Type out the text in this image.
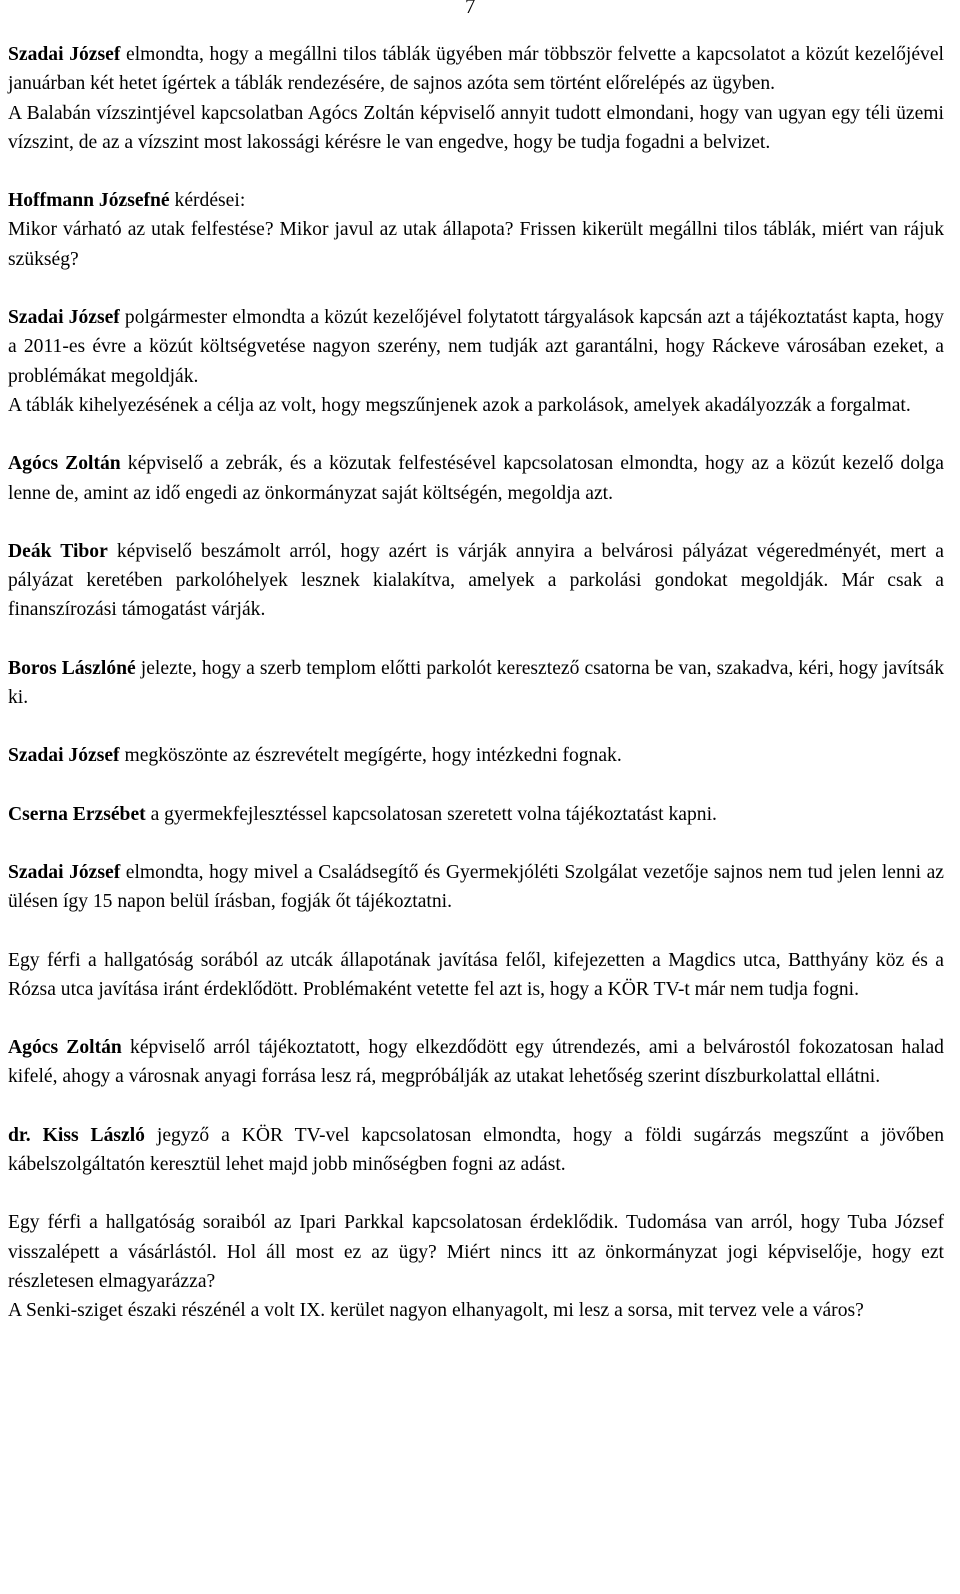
7

Szadai József elmondta, hogy a megállni tilos táblák ügyében már többször felvette a kapcsolatot a közút kezelőjével januárban két hetet ígértek a táblák rendezésére, de sajnos azóta sem történt előrelépés az ügyben.

A Balabán vízszintjével kapcsolatban Agócs Zoltán képviselő annyit tudott elmondani, hogy van ugyan egy téli üzemi vízszint, de az a vízszint most lakossági kérésre le van engedve, hogy be tudja fogadni a belvizet.

Hoffmann Józsefné kérdései:

Mikor várható az utak felfestése? Mikor javul az utak állapota? Frissen kikerült megállni tilos táblák, miért van rájuk szükség?

Szadai József polgármester elmondta a közút kezelőjével folytatott tárgyalások kapcsán azt a tájékoztatást kapta, hogy a 2011-es évre a közút költségvetése nagyon szerény, nem tudják azt garantálni, hogy Ráckeve városában ezeket, a problémákat megoldják.

A táblák kihelyezésének a célja az volt, hogy megszűnjenek azok a parkolások, amelyek akadályozzák a forgalmat.

Agócs Zoltán képviselő a zebrák, és a közutak felfestésével kapcsolatosan elmondta, hogy az a közút kezelő dolga lenne de, amint az idő engedi az önkormányzat saját költségén, megoldja azt.

Deák Tibor képviselő beszámolt arról, hogy azért is várják annyira a belvárosi pályázat végeredményét, mert a pályázat keretében parkolóhelyek lesznek kialakítva, amelyek a parkolási gondokat megoldják. Már csak a finanszírozási támogatást várják.

Boros Lászlóné jelezte, hogy a szerb templom előtti parkolót keresztező csatorna be van, szakadva, kéri, hogy javítsák ki.

Szadai József megköszönte az észrevételt megígérte, hogy intézkedni fognak.

Cserna Erzsébet a gyermekfejlesztéssel kapcsolatosan szeretett volna tájékoztatást kapni.

Szadai József elmondta, hogy mivel a Családsegítő és Gyermekjóléti Szolgálat vezetője sajnos nem tud jelen lenni az ülésen így 15 napon belül írásban, fogják őt tájékoztatni.

Egy férfi a hallgatóság sorából az utcák állapotának javítása felől, kifejezetten a Magdics utca, Batthyány köz és a Rózsa utca javítása iránt érdeklődött. Problémaként vetette fel azt is, hogy a KÖR TV-t már nem tudja fogni.

Agócs Zoltán képviselő arról tájékoztatott, hogy elkezdődött egy útrendezés, ami a belvárostól fokozatosan halad kifelé, ahogy a városnak anyagi forrása lesz rá, megpróbálják az utakat lehetőség szerint díszburkolattal ellátni.

dr. Kiss László jegyző a KÖR TV-vel kapcsolatosan elmondta, hogy a földi sugárzás megszűnt a jövőben kábelszolgáltatón keresztül lehet majd jobb minőségben fogni az adást.

Egy férfi a hallgatóság soraiból az Ipari Parkkal kapcsolatosan érdeklődik. Tudomása van arról, hogy Tuba József visszalépett a vásárlástól. Hol áll most ez az ügy? Miért nincs itt az önkormányzat jogi képviselője, hogy ezt részletesen elmagyarázza?

A Senki-sziget északi részénél a volt IX. kerület nagyon elhanyagolt, mi lesz a sorsa, mit tervez vele a város?
